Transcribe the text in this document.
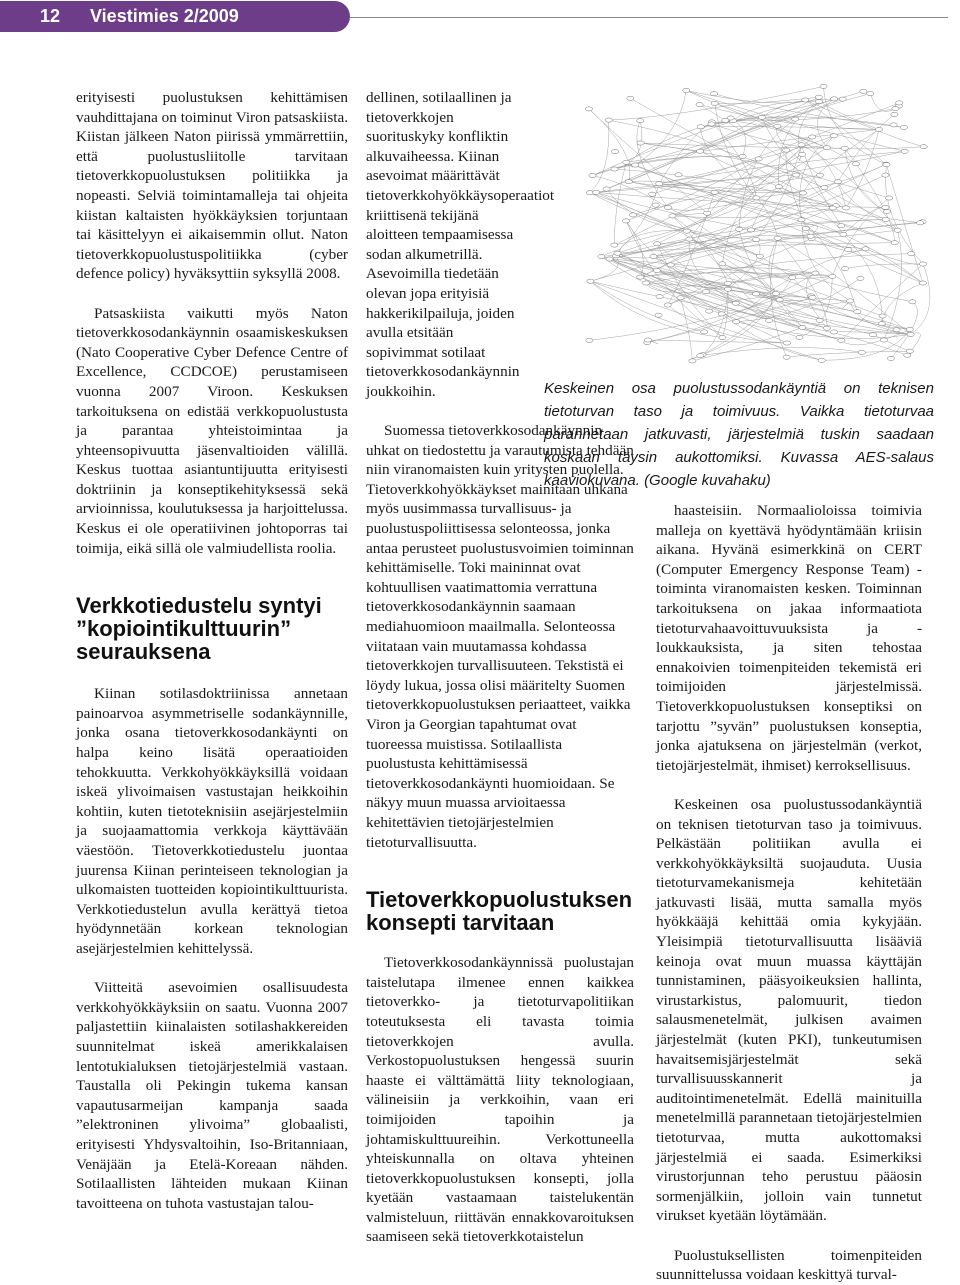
12 Viestimies 2/2009

erityisesti puolustuksen kehittämisen vauhdittajana on toiminut Viron patsaskiista. Kiistan jälkeen Naton piirissä ymmärrettiin, että puolustusliitolle tarvitaan tietoverkkopuolustuksen politiikka ja nopeasti. Selviä toimintamalleja tai ohjeita kiistan kaltaisten hyökkäyksien torjuntaan tai käsittelyyn ei aikaisemmin ollut. Naton tietoverkkopuolustuspolitiikka (cyber defence policy) hyväksyttiin syksyllä 2008.

Patsaskiista vaikutti myös Naton tietoverkkosodankäynnin osaamiskeskuksen (Nato Cooperative Cyber Defence Centre of Excellence, CCDCOE) perustamiseen vuonna 2007 Viroon. Keskuksen tarkoituksena on edistää verkkopuolustusta ja parantaa yhteistoimintaa ja yhteensopivuutta jäsenvaltioiden välillä. Keskus tuottaa asiantuntijuutta erityisesti doktriinin ja konseptikehityksessä sekä arvioinnissa, koulutuksessa ja harjoittelussa. Keskus ei ole operatiivinen johtoporras tai toimija, eikä sillä ole valmiudellista roolia.

Verkkotiedustelu syntyi ”kopiointikulttuurin” seurauksena

Kiinan sotilasdoktriinissa annetaan painoarvoa asymmetriselle sodankäynnille, jonka osana tietoverkkosodankäynti on halpa keino lisätä operaatioiden tehokkuutta. Verkkohyökkäyksillä voidaan iskeä ylivoimaisen vastustajan heikkoihin kohtiin, kuten tietoteknisiin asejärjestelmiin ja suojaamattomia verkkoja käyttävään väestöön. Tietoverkkotiedustelu juontaa juurensa Kiinan perinteiseen teknologian ja ulkomaisten tuotteiden kopiointikulttuurista. Verkkotiedustelun avulla kerättyä tietoa hyödynnetään korkean teknologian asejärjestelmien kehittelyssä.

Viitteitä asevoimien osallisuudesta verkkohyökkäyksiin on saatu. Vuonna 2007 paljastettiin kiinalaisten sotilashakkereiden suunnitelmat iskeä amerikkalaisen lentotukialuksen tietojärjestelmiä vastaan. Taustalla oli Pekingin tukema kansan vapautusarmeijan kampanja saada ”elektroninen ylivoima” globaalisti, erityisesti Yhdysvaltoihin, Iso-Britanniaan, Venäjään ja Etelä-Koreaan nähden. Sotilaallisten lähteiden mukaan Kiinan tavoitteena on tuhota vastustajan talou-

dellinen, sotilaallinen ja tietoverkkojen suorituskyky konfliktin alkuvaiheessa. Kiinan asevoimat määrittävät tietoverkkohyökkäysoperaatiot kriittisenä tekijänä aloitteen tempaamisessa sodan alkumetrillä. Asevoimilla tiedetään olevan jopa erityisiä hakkerikilpailuja, joiden avulla etsitään sopivimmat sotilaat tietoverkkosodankäynnin joukkoihin.

Suomessa tietoverkkosodankäynnin uhkat on tiedostettu ja varautumista tehdään niin viranomaisten kuin yritysten puolella. Tietoverkkohyökkäykset mainitaan uhkana myös uusimmassa turvallisuus- ja puolustuspoliittisessa selonteossa, jonka antaa perusteet puolustusvoimien toiminnan kehittämiselle. Toki maininnat ovat kohtuullisen vaatimattomia verrattuna tietoverkkosodankäynnin saamaan mediahuomioon maailmalla. Selonteossa viitataan vain muutamassa kohdassa tietoverkkojen turvallisuuteen. Tekstistä ei löydy lukua, jossa olisi määritelty Suomen tietoverkkopuolustuksen periaatteet, vaikka Viron ja Georgian tapahtumat ovat tuoreessa muistissa. Sotilaallista puolustusta kehittämisessä tietoverkkosodankäynti huomioidaan. Se näkyy muun muassa arvioitaessa kehitettävien tietojärjestelmien tietoturvallisuutta.

Tietoverkkopuolustuksen konsepti tarvitaan

Tietoverkkosodankäynnissä puolustajan taistelutapa ilmenee ennen kaikkea tietoverkko- ja tietoturvapolitiikan toteutuksesta eli tavasta toimia tietoverkkojen avulla. Verkostopuolustuksen hengessä suurin haaste ei välttämättä liity teknologiaan, välineisiin ja verkkoihin, vaan eri toimijoiden tapoihin ja johtamiskulttuureihin. Verkottuneella yhteiskunnalla on oltava yhteinen tietoverkkopuolustuksen konsepti, jolla kyetään vastaamaan taistelukentän valmisteluun, riittävän ennakkovaroituksen saamiseen sekä tietoverkkotaistelun

Keskeinen osa puolustussodankäyntiä on teknisen tietoturvan taso ja toimivuus. Vaikka tietoturvaa parannetaan jatkuvasti, järjestelmiä tuskin saadaan koskaan täysin aukottomiksi. Kuvassa AES-salaus kaaviokuvana. (Google kuvahaku)

haasteisiin. Normaalioloissa toimivia malleja on kyettävä hyödyntämään kriisin aikana. Hyvänä esimerkkinä on CERT (Computer Emergency Response Team) -toiminta viranomaisten kesken. Toiminnan tarkoituksena on jakaa informaatiota tietoturvahaavoittuvuuksista ja -loukkauksista, ja siten tehostaa ennakoivien toimenpiteiden tekemistä eri toimijoiden järjestelmissä. Tietoverkkopuolustuksen konseptiksi on tarjottu ”syvän” puolustuksen konseptia, jonka ajatuksena on järjestelmän (verkot, tietojärjestelmät, ihmiset) kerroksellisuus.

Keskeinen osa puolustussodankäyntiä on teknisen tietoturvan taso ja toimivuus. Pelkästään politiikan avulla ei verkkohyökkäyksiltä suojauduta. Uusia tietoturvamekanismeja kehitetään jatkuvasti lisää, mutta samalla myös hyökkääjä kehittää omia kykyjään. Yleisimpiä tietoturvallisuutta lisääviä keinoja ovat muun muassa käyttäjän tunnistaminen, pääsyoikeuksien hallinta, virustarkistus, palomuurit, tiedon salausmenetelmät, julkisen avaimen järjestelmät (kuten PKI), tunkeutumisen havaitsemisjärjestelmät sekä turvallisuusskannerit ja auditointimenetelmät. Edellä mainituilla menetelmillä parannetaan tietojärjestelmien tietoturvaa, mutta aukottomaksi järjestelmiä ei saada. Esimerkiksi virustorjunnan teho perustuu pääosin sormenjälkiin, jolloin vain tunnetut virukset kyetään löytämään.

Puolustuksellisten toimenpiteiden suunnittelussa voidaan keskittyä turval-
